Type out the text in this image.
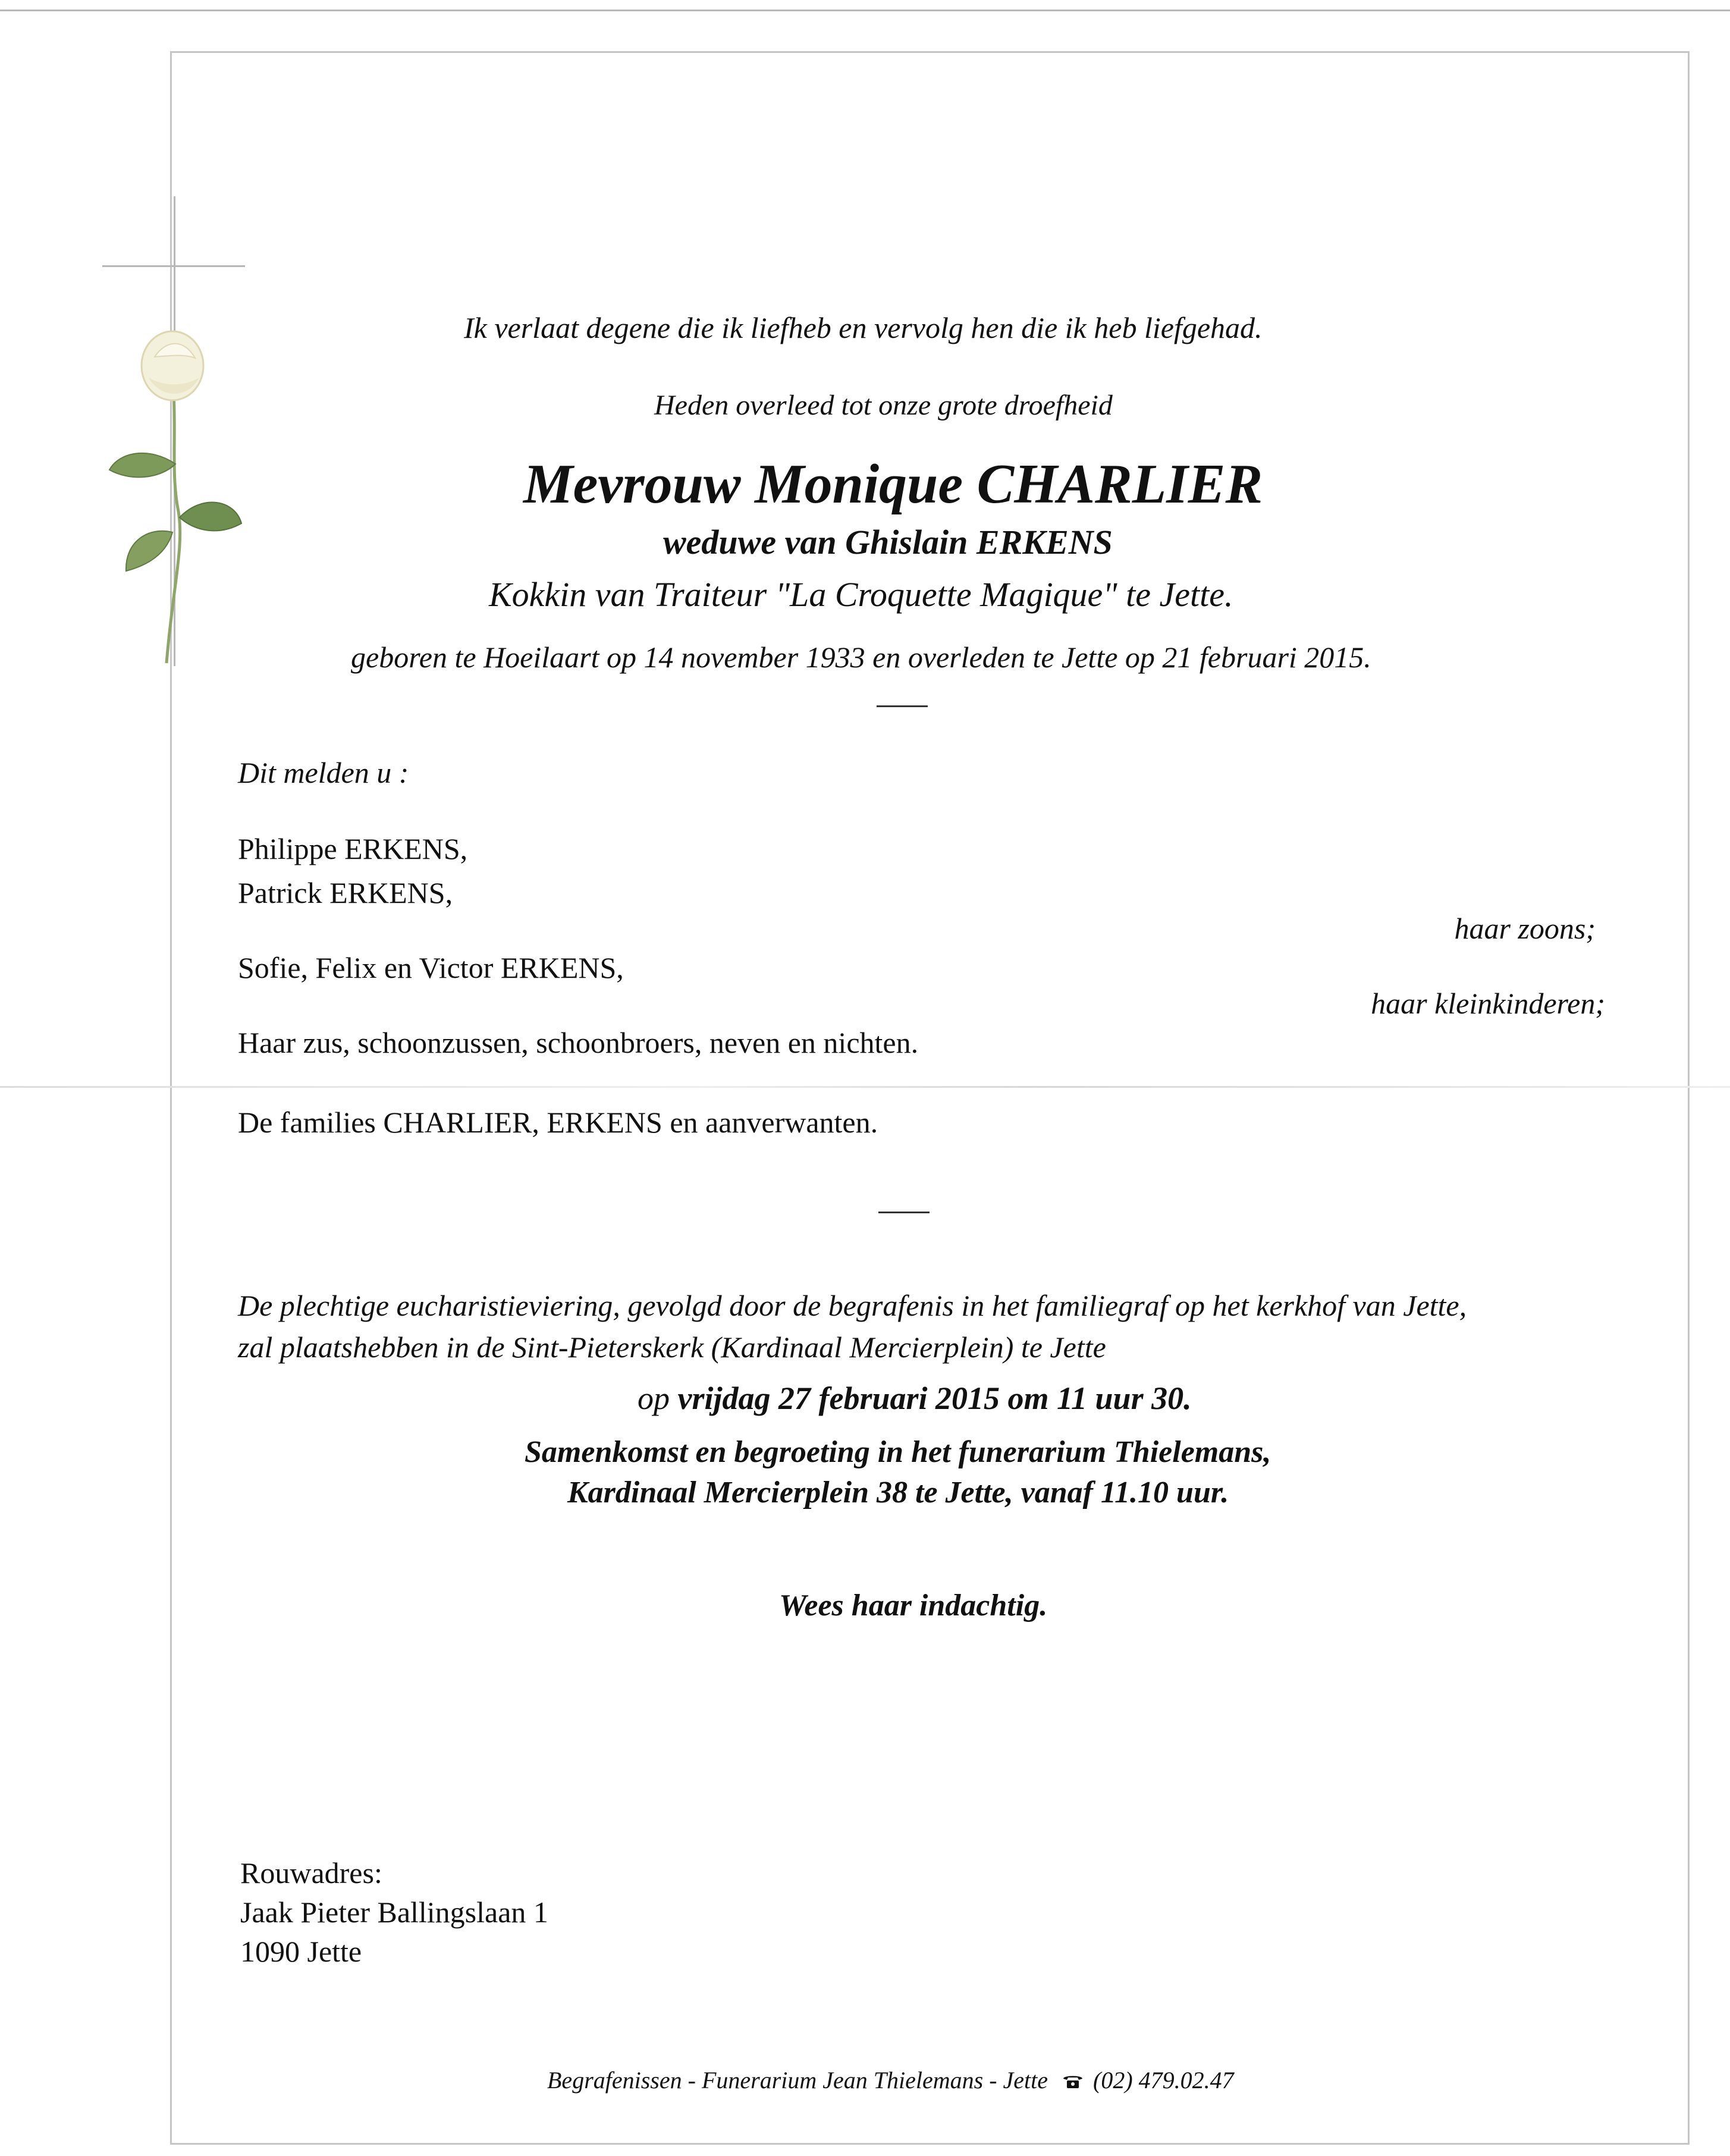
Ik verlaat degene die ik liefheb en vervolg hen die ik heb liefgehad.
Heden overleed tot onze grote droefheid
Mevrouw Monique CHARLIER
weduwe van Ghislain ERKENS
Kokkin van Traiteur "La Croquette Magique" te Jette.
geboren te Hoeilaart op 14 november 1933 en overleden te Jette op 21 februari 2015.
Dit melden u :
Philippe ERKENS,
Patrick ERKENS,
haar zoons;
Sofie, Felix en Victor ERKENS,
haar kleinkinderen;
Haar zus, schoonzussen, schoonbroers, neven en nichten.
De families CHARLIER, ERKENS en aanverwanten.
De plechtige eucharistieviering, gevolgd door de begrafenis in het familiegraf op het kerkhof van Jette,
zal plaatshebben in de Sint-Pieterskerk (Kardinaal Mercierplein) te Jette
op vrijdag 27 februari 2015 om 11 uur 30.
Samenkomst en begroeting in het funerarium Thielemans,
Kardinaal Mercierplein 38 te Jette, vanaf 11.10 uur.
Wees haar indachtig.
Rouwadres:
Jaak Pieter Ballingslaan 1
1090 Jette
Begrafenissen - Funerarium Jean Thielemans - Jette (02) 479.02.47
